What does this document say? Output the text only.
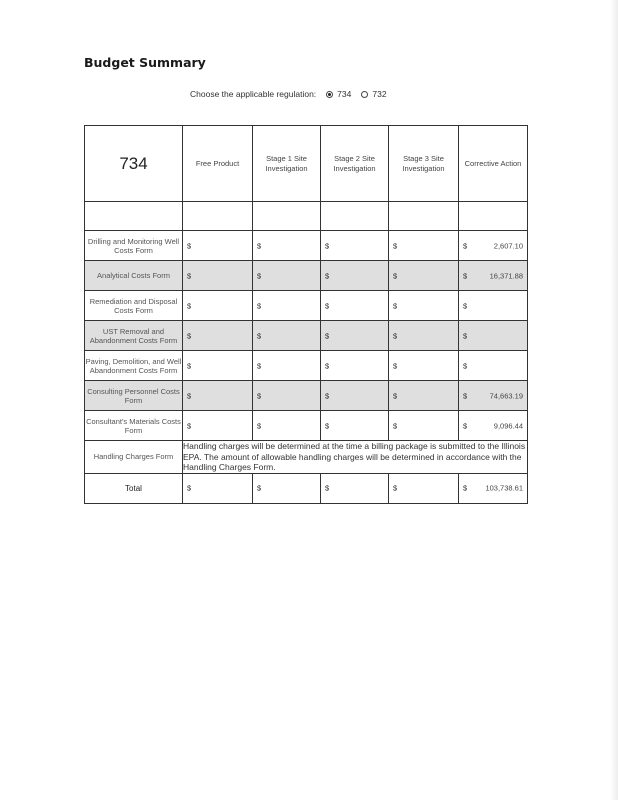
Budget Summary
Choose the applicable regulation: 734 732
734	Free Product	Stage 1 Site Investigation	Stage 2 Site Investigation	Stage 3 Site Investigation	Corrective Action

Drilling and Monitoring Well Costs Form	$	$	$	$	$ 2,607.10

Analytical Costs Form	$	$	$	$	$ 16,371.88

Remediation and Disposal Costs Form	$	$	$	$	$

UST Removal and Abandonment Costs Form	$	$	$	$	$

Paving, Demolition, and Well Abandonment Costs Form	$	$	$	$	$

Consulting Personnel Costs Form	$	$	$	$	$ 74,663.19

Consultant's Materials Costs Form	$	$	$	$	$ 9,096.44

Handling Charges Form	Handling charges will be determined at the time a billing package is submitted to the Illinois EPA. The amount of allowable handling charges will be determined in accordance with the Handling Charges Form.				
Total	$	$	$	$	$ 103,738.61
